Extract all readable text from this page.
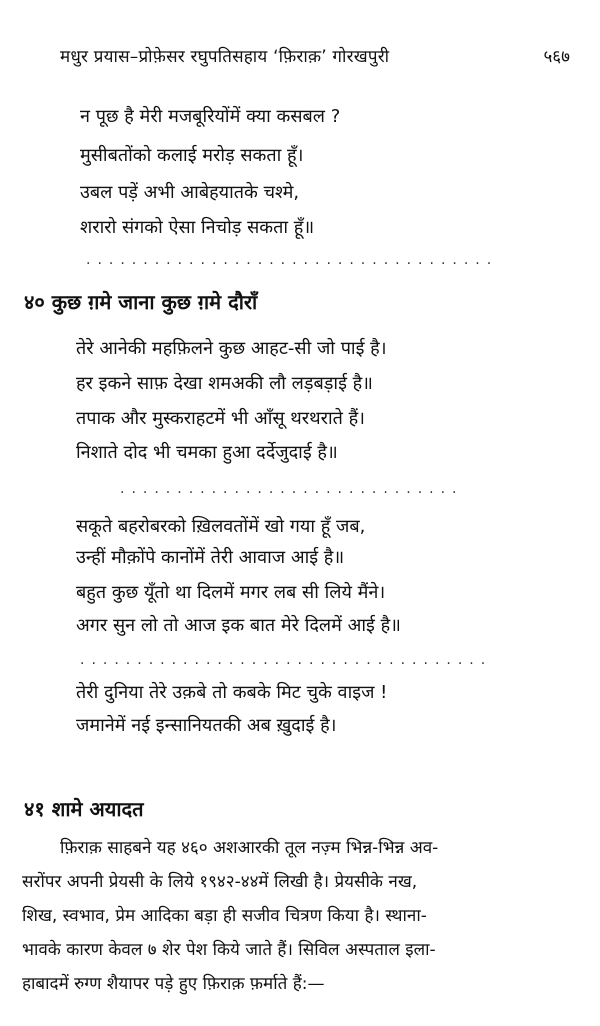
मधुर प्रयास–प्रोफ़ेसर रघुपतिसहाय ‘फ़िराक़’ गोरखपुरी	५६७
न पूछ है मेरी मजबूरियोंमें क्या कसबल ?
मुसीबतोंको कलाई मरोड़ सकता हूँ।
उबल पड़ें अभी आबेहयातके चश्मे,
शरारो संगको ऐसा निचोड़ सकता हूँ॥
....................................
४० कुछ ग़मे जाना कुछ ग़मे दौराँ
तेरे आनेकी महफ़िलने कुछ आहट-सी जो पाई है।
हर इकने साफ़ देखा शमअकी लौ लड़बड़ाई है॥
तपाक और मुस्कराहटमें भी आँसू थरथराते हैं।
निशाते दोद भी चमका हुआ दर्देजुदाई है॥
..............................
सकूते बहरोबरको ख़िलवतोंमें खो गया हूँ जब,
उन्हीं मौक़ोंपे कानोंमें तेरी आवाज आई है॥
बहुत कुछ यूँतो था दिलमें मगर लब सी लिये मैंने।
अगर सुन लो तो आज इक बात मेरे दिलमें आई है॥
....................................
तेरी दुनिया तेरे उक़बे तो कबके मिट चुके वाइज !
जमानेमें नई इन्सानियतकी अब ख़ुदाई है।
४१ शामे अयादत
फ़िराक़ साहबने यह ४६० अशआरकी तूल नज़्म भिन्न-भिन्न अव-
सरोंपर अपनी प्रेयसी के लिये १९४२-४४में लिखी है। प्रेयसीके नख,
शिख, स्वभाव, प्रेम आदिका बड़ा ही सजीव चित्रण किया है। स्थाना-
भावके कारण केवल ७ शेर पेश किये जाते हैं। सिविल अस्पताल इला-
हाबादमें रुग्ण शैयापर पड़े हुए फ़िराक़ फ़र्माते हैं:—
